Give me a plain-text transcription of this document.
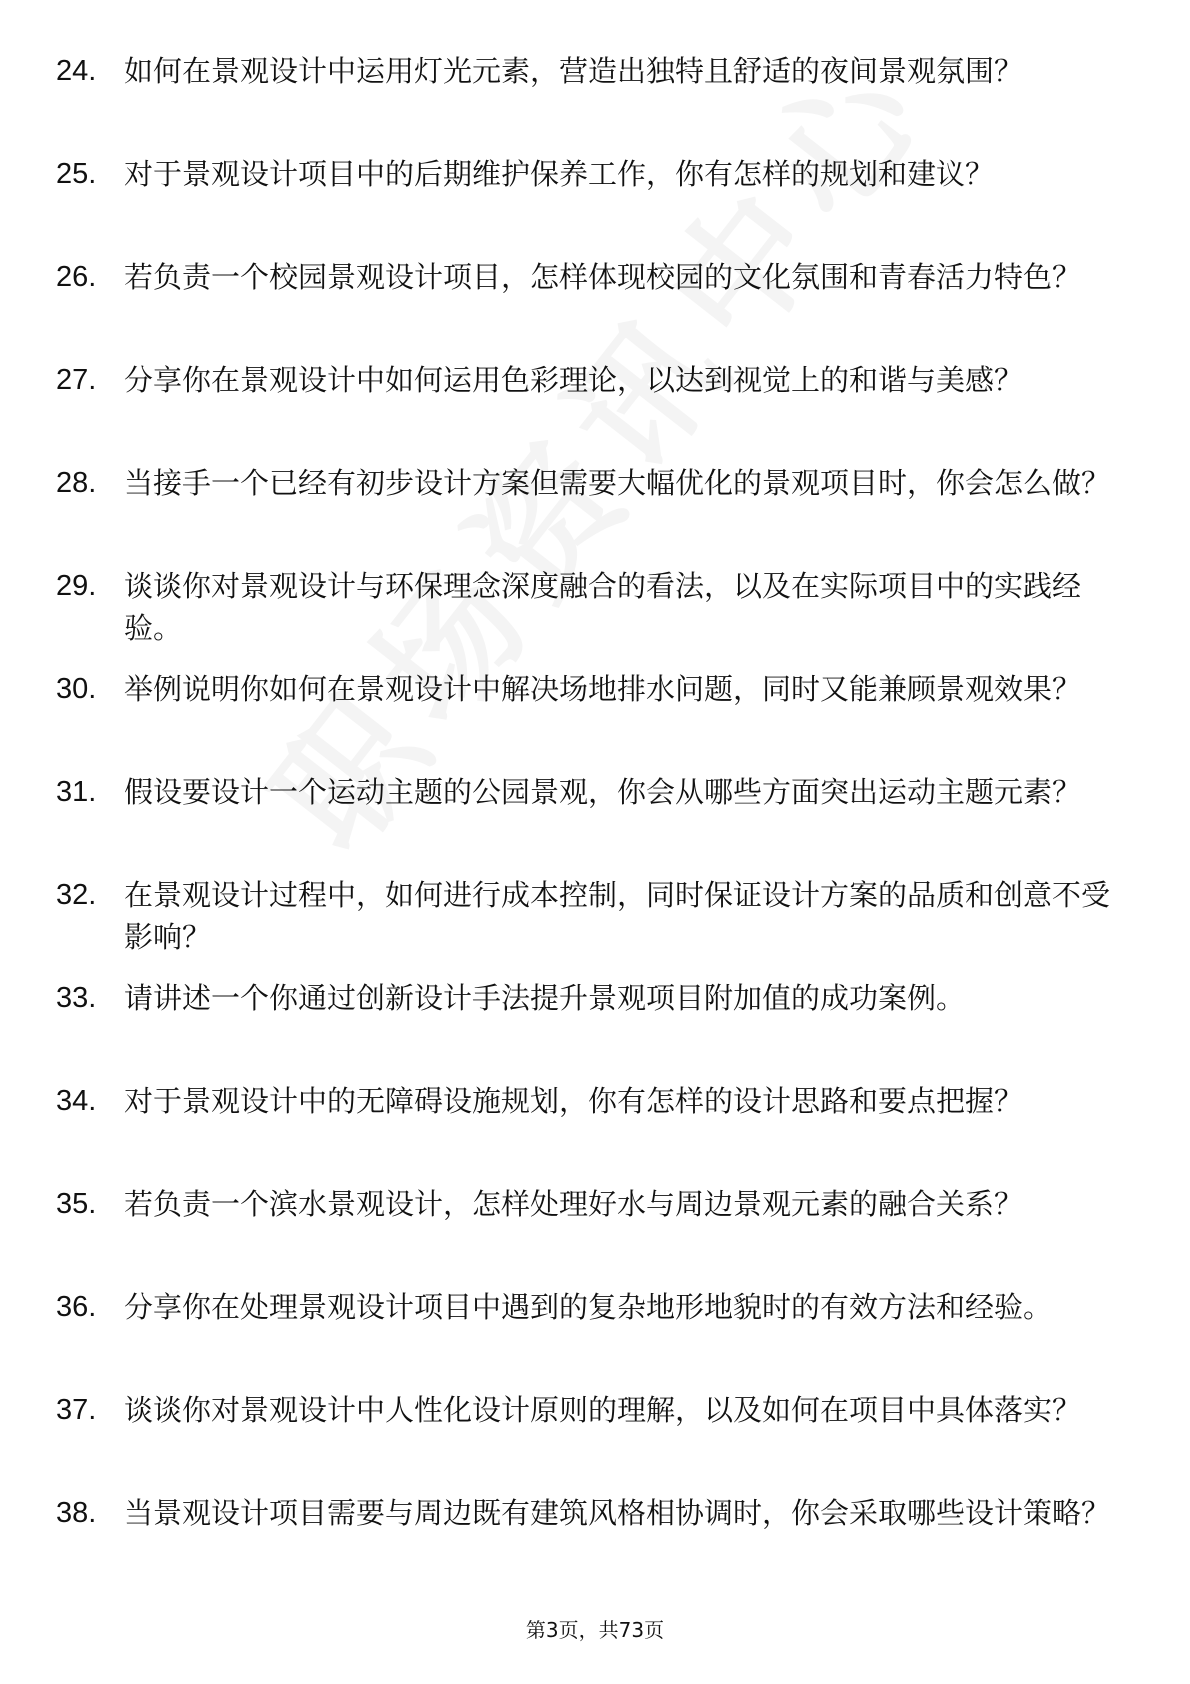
24. 如何在景观设计中运用灯光元素，营造出独特且舒适的夜间景观氛围？
25. 对于景观设计项目中的后期维护保养工作，你有怎样的规划和建议？
26. 若负责一个校园景观设计项目，怎样体现校园的文化氛围和青春活力特色？
27. 分享你在景观设计中如何运用色彩理论，以达到视觉上的和谐与美感？
28. 当接手一个已经有初步设计方案但需要大幅优化的景观项目时，你会怎么做？
29. 谈谈你对景观设计与环保理念深度融合的看法，以及在实际项目中的实践经验。
30. 举例说明你如何在景观设计中解决场地排水问题，同时又能兼顾景观效果？
31. 假设要设计一个运动主题的公园景观，你会从哪些方面突出运动主题元素？
32. 在景观设计过程中，如何进行成本控制，同时保证设计方案的品质和创意不受影响？
33. 请讲述一个你通过创新设计手法提升景观项目附加值的成功案例。
34. 对于景观设计中的无障碍设施规划，你有怎样的设计思路和要点把握？
35. 若负责一个滨水景观设计，怎样处理好水与周边景观元素的融合关系？
36. 分享你在处理景观设计项目中遇到的复杂地形地貌时的有效方法和经验。
37. 谈谈你对景观设计中人性化设计原则的理解，以及如何在项目中具体落实？
38. 当景观设计项目需要与周边既有建筑风格相协调时，你会采取哪些设计策略？
第3页，共73页
